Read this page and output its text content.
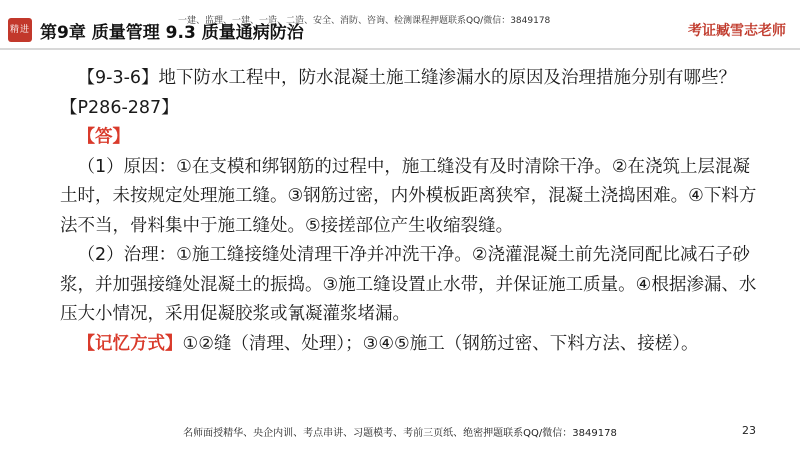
精进 第9章 质量管理 9.3 质量通病防治
一建、监理、一建、一造、二造、安全、消防、咨询、检测课程押题联系QQ/微信：3849178
考证臧雪志老师

【9-3-6】地下防水工程中，防水混凝土施工缝渗漏水的原因及治理措施分别有哪些？【P286-287】

【答】

（1）原因：①在支模和绑钢筋的过程中，施工缝没有及时清除干净。②在浇筑上层混凝土时，未按规定处理施工缝。③钢筋过密，内外模板距离狭窄，混凝土浇捣困难。④下料方法不当，骨料集中于施工缝处。⑤接搓部位产生收缩裂缝。

（2）治理：①施工缝接缝处清理干净并冲洗干净。②浇灌混凝土前先浇同配比减石子砂浆，并加强接缝处混凝土的振捣。③施工缝设置止水带，并保证施工质量。④根据渗漏、水压大小情况，采用促凝胶浆或氰凝灌浆堵漏。

【记忆方式】①②缝（清理、处理）；③④⑤施工（钢筋过密、下料方法、接槎）。

名师面授精华、央企内训、考点串讲、习题模考、考前三页纸、绝密押题联系QQ/微信：3849178	23
